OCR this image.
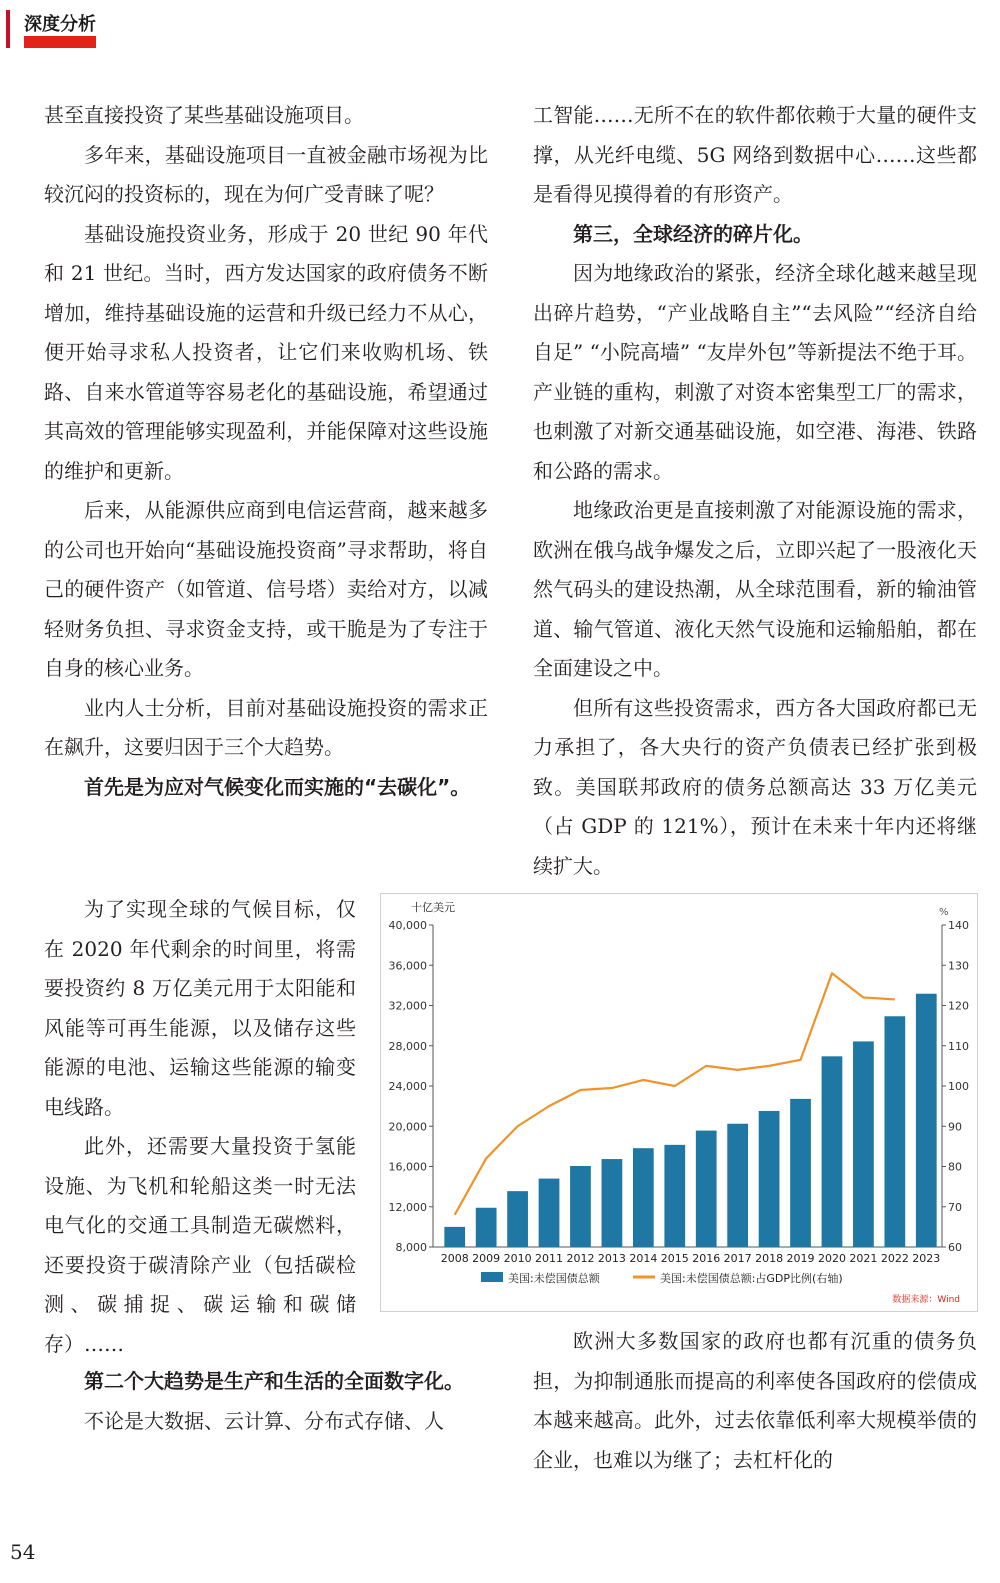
深度分析

甚至直接投资了某些基础设施项目。

多年来，基础设施项目一直被金融市场视为比较沉闷的投资标的，现在为何广受青睐了呢？

基础设施投资业务，形成于 20 世纪 90 年代和 21 世纪。当时，西方发达国家的政府债务不断增加，维持基础设施的运营和升级已经力不从心，便开始寻求私人投资者，让它们来收购机场、铁路、自来水管道等容易老化的基础设施，希望通过其高效的管理能够实现盈利，并能保障对这些设施的维护和更新。

后来，从能源供应商到电信运营商，越来越多的公司也开始向“基础设施投资商”寻求帮助，将自己的硬件资产（如管道、信号塔）卖给对方，以减轻财务负担、寻求资金支持，或干脆是为了专注于自身的核心业务。

业内人士分析，目前对基础设施投资的需求正在飙升，这要归因于三个大趋势。

首先是为应对气候变化而实施的“去碳化”。

为了实现全球的气候目标，仅在 2020 年代剩余的时间里，将需要投资约 8 万亿美元用于太阳能和风能等可再生能源，以及储存这些能源的电池、运输这些能源的输变电线路。

此外，还需要大量投资于氢能设施、为飞机和轮船这类一时无法电气化的交通工具制造无碳燃料，还要投资于碳清除产业（包括碳检测、碳捕捉、碳运输和碳储存）……

第二个大趋势是生产和生活的全面数字化。

不论是大数据、云计算、分布式存储、人

工智能……无所不在的软件都依赖于大量的硬件支撑，从光纤电缆、5G 网络到数据中心……这些都是看得见摸得着的有形资产。

第三，全球经济的碎片化。

因为地缘政治的紧张，经济全球化越来越呈现出碎片趋势，“产业战略自主”“去风险”“经济自给自足” “小院高墙” “友岸外包”等新提法不绝于耳。产业链的重构，刺激了对资本密集型工厂的需求，也刺激了对新交通基础设施，如空港、海港、铁路和公路的需求。

地缘政治更是直接刺激了对能源设施的需求，欧洲在俄乌战争爆发之后，立即兴起了一股液化天然气码头的建设热潮，从全球范围看，新的输油管道、输气管道、液化天然气设施和运输船舶，都在全面建设之中。

但所有这些投资需求，西方各大国政府都已无力承担了，各大央行的资产负债表已经扩张到极致。美国联邦政府的债务总额高达 33 万亿美元（占 GDP 的 121%），预计在未来十年内还将继续扩大。

8,000
12,000
16,000
20,000
24,000
28,000
32,000
36,000
40,000
60
70
80
90
100
110
120
130
140
十亿美元	%
2008 2009 2010 2011 2012 2013 2014 2015 2016 2017 2018 2019 2020 2021 2022 2023
美国:未偿国债总额	美国:未偿国债总额:占GDP比例(右轴)
数据来源：Wind

欧洲大多数国家的政府也都有沉重的债务负担，为抑制通胀而提高的利率使各国政府的偿债成本越来越高。此外，过去依靠低利率大规模举债的企业，也难以为继了；去杠杆化的

54
